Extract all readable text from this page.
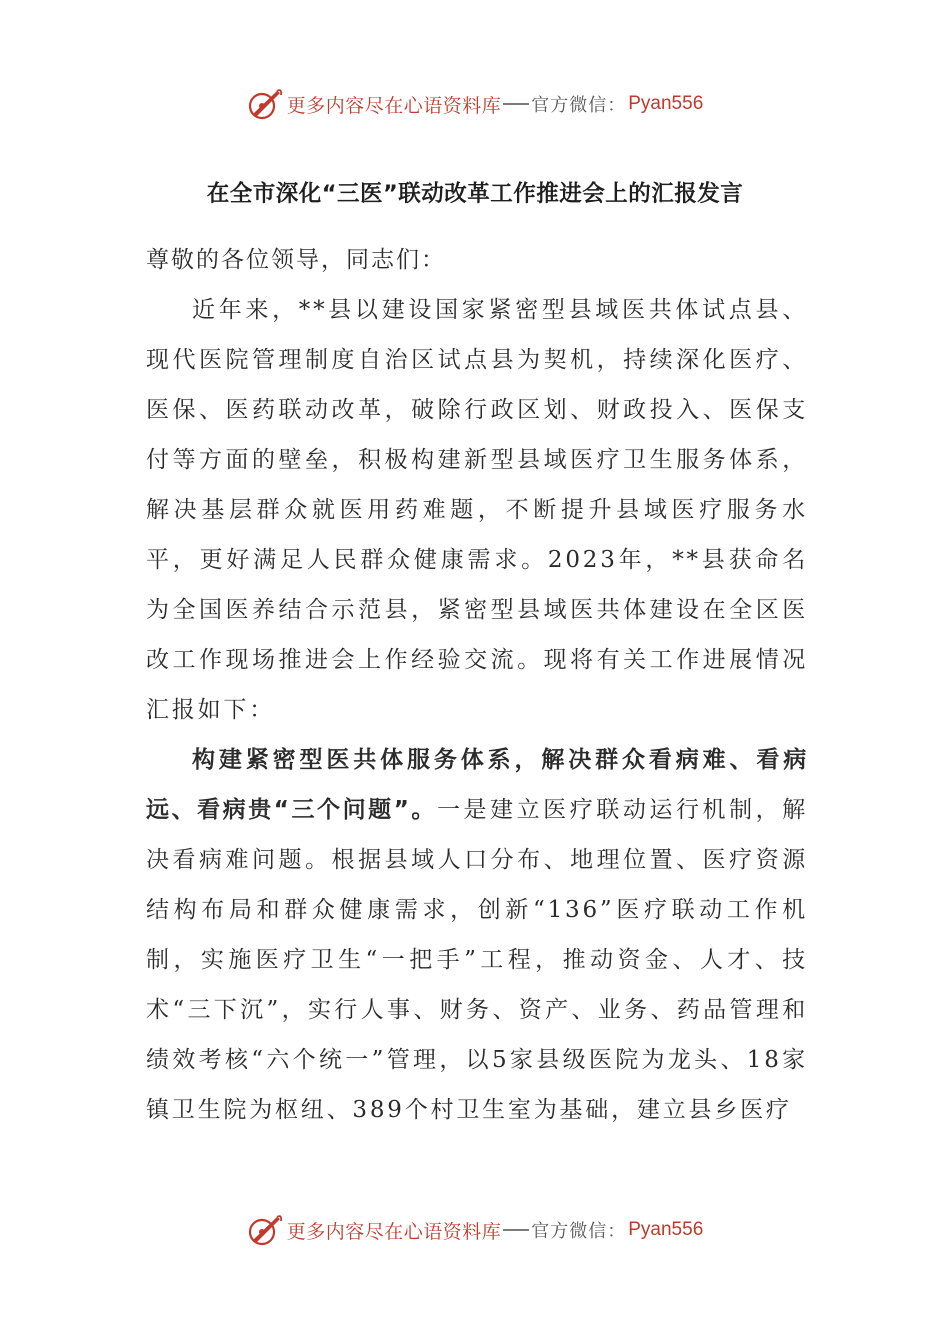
更多内容尽在心语资料库 官方微信： Pyan556
在全市深化“三医”联动改革工作推进会上的汇报发言

尊敬的各位领导，同志们：

近年来，**县以建设国家紧密型县域医共体试点县、现代医院管理制度自治区试点县为契机，持续深化医疗、医保、医药联动改革，破除行政区划、财政投入、医保支付等方面的壁垒，积极构建新型县域医疗卫生服务体系，解决基层群众就医用药难题，不断提升县域医疗服务水平，更好满足人民群众健康需求。2023年，**县获命名为全国医养结合示范县，紧密型县域医共体建设在全区医改工作现场推进会上作经验交流。现将有关工作进展情况汇报如下：

构建紧密型医共体服务体系，解决群众看病难、看病远、看病贵“三个问题”。一是建立医疗联动运行机制，解决看病难问题。根据县域人口分布、地理位置、医疗资源结构布局和群众健康需求，创新“136”医疗联动工作机制，实施医疗卫生“一把手”工程，推动资金、人才、技术“三下沉”，实行人事、财务、资产、业务、药品管理和绩效考核“六个统一”管理，以5家县级医院为龙头、18家镇卫生院为枢纽、389个村卫生室为基础，建立县乡医疗

更多内容尽在心语资料库 官方微信： Pyan556
